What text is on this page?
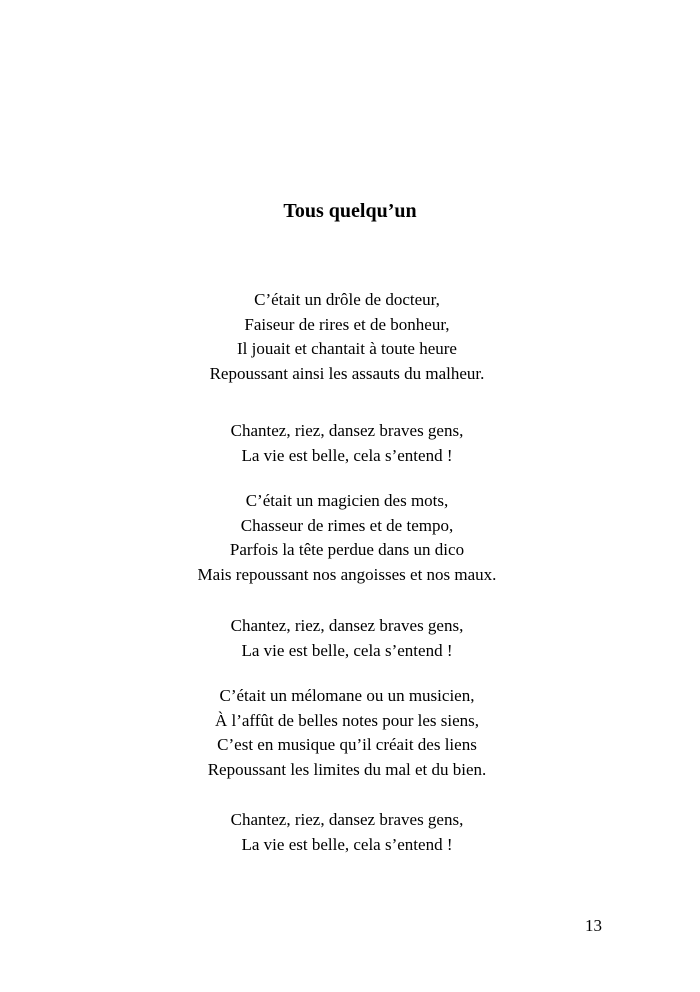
Tous quelqu’un
C’était un drôle de docteur,
Faiseur de rires et de bonheur,
Il jouait et chantait à toute heure
Repoussant ainsi les assauts du malheur.
Chantez, riez, dansez braves gens,
La vie est belle, cela s’entend !
C’était un magicien des mots,
Chasseur de rimes et de tempo,
Parfois la tête perdue dans un dico
Mais repoussant nos angoisses et nos maux.
Chantez, riez, dansez braves gens,
La vie est belle, cela s’entend !
C’était un mélomane ou un musicien,
À l’affût de belles notes pour les siens,
C’est en musique qu’il créait des liens
Repoussant les limites du mal et du bien.
Chantez, riez, dansez braves gens,
La vie est belle, cela s’entend !
13
